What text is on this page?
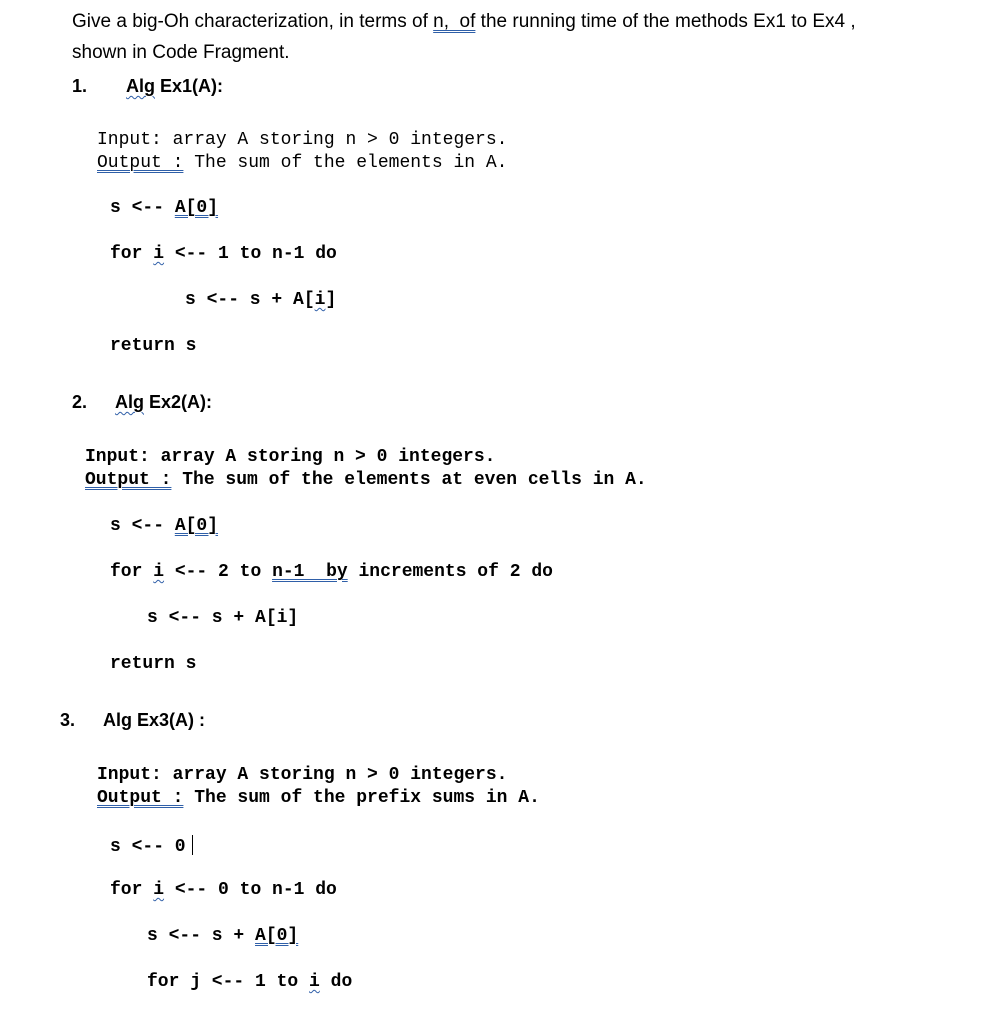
Give a big-Oh characterization, in terms of n,  of the running time of the methods Ex1 to Ex4 ,
shown in Code Fragment.
1. Alg Ex1(A):
Input: array A storing n > 0 integers.
Output : The sum of the elements in A.
s <-- A[0]
for i <-- 1 to n-1 do
s <-- s + A[i]
return s
2. Alg Ex2(A):
Input: array A storing n > 0 integers.
Output : The sum of the elements at even cells in A.
s <-- A[0]
for i <-- 2 to n-1  by increments of 2 do
s <-- s + A[i]
return s
3. Alg Ex3(A) :
Input: array A storing n > 0 integers.
Output : The sum of the prefix sums in A.
s <-- 0
for i <-- 0 to n-1 do
s <-- s + A[0]
for j <-- 1 to i do
